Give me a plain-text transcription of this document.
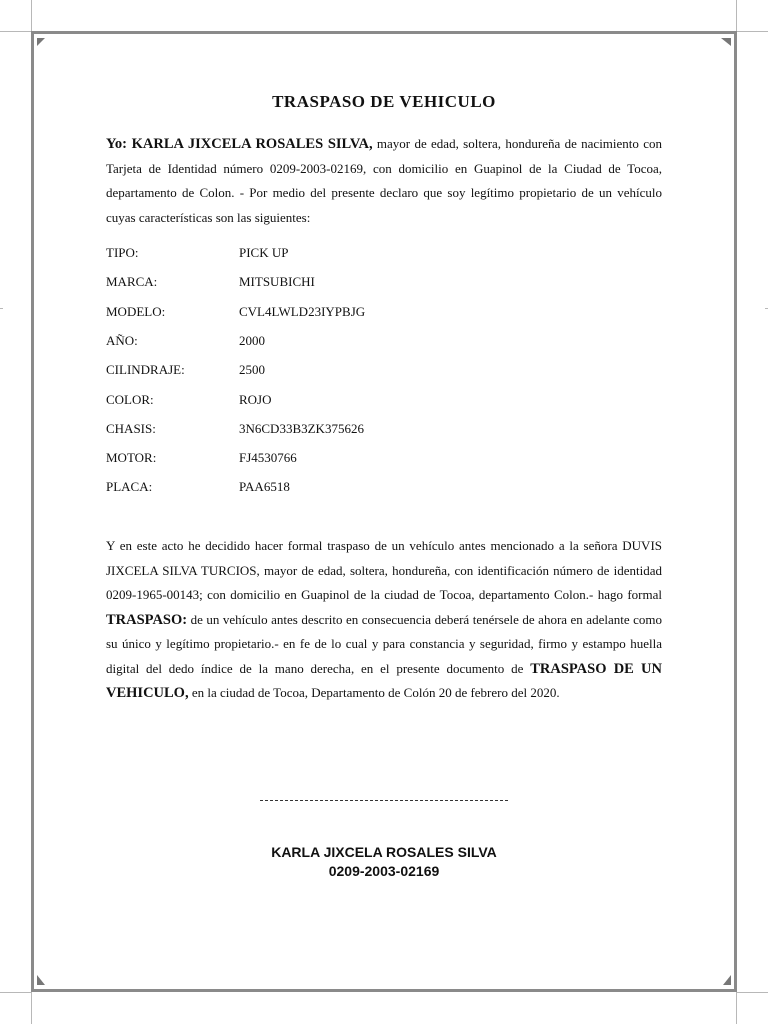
TRASPASO DE VEHICULO
Yo: KARLA JIXCELA ROSALES SILVA, mayor de edad, soltera, hondureña de nacimiento con Tarjeta de Identidad número 0209-2003-02169, con domicilio en Guapinol de la Ciudad de Tocoa, departamento de Colon. - Por medio del presente declaro que soy legítimo propietario de un vehículo cuyas características son las siguientes:
TIPO:	PICK UP
MARCA:	MITSUBICHI
MODELO:	CVL4LWLD23IYPBJG
AÑO:	2000
CILINDRAJE:	2500
COLOR:	ROJO
CHASIS:	3N6CD33B3ZK375626
MOTOR:	FJ4530766
PLACA:	PAA6518
Y en este acto he decidido hacer formal traspaso de un vehículo antes mencionado a la señora DUVIS JIXCELA SILVA TURCIOS, mayor de edad, soltera, hondureña, con identificación número de identidad 0209-1965-00143; con domicilio en Guapinol de la ciudad de Tocoa, departamento Colon.- hago formal TRASPASO: de un vehículo antes descrito en consecuencia deberá tenérsele de ahora en adelante como su único y legítimo propietario.- en fe de lo cual y para constancia y seguridad, firmo y estampo huella digital del dedo índice de la mano derecha, en el presente documento de TRASPASO DE UN VEHICULO, en la ciudad de Tocoa, Departamento de Colón 20 de febrero del 2020.
KARLA JIXCELA ROSALES SILVA
0209-2003-02169
